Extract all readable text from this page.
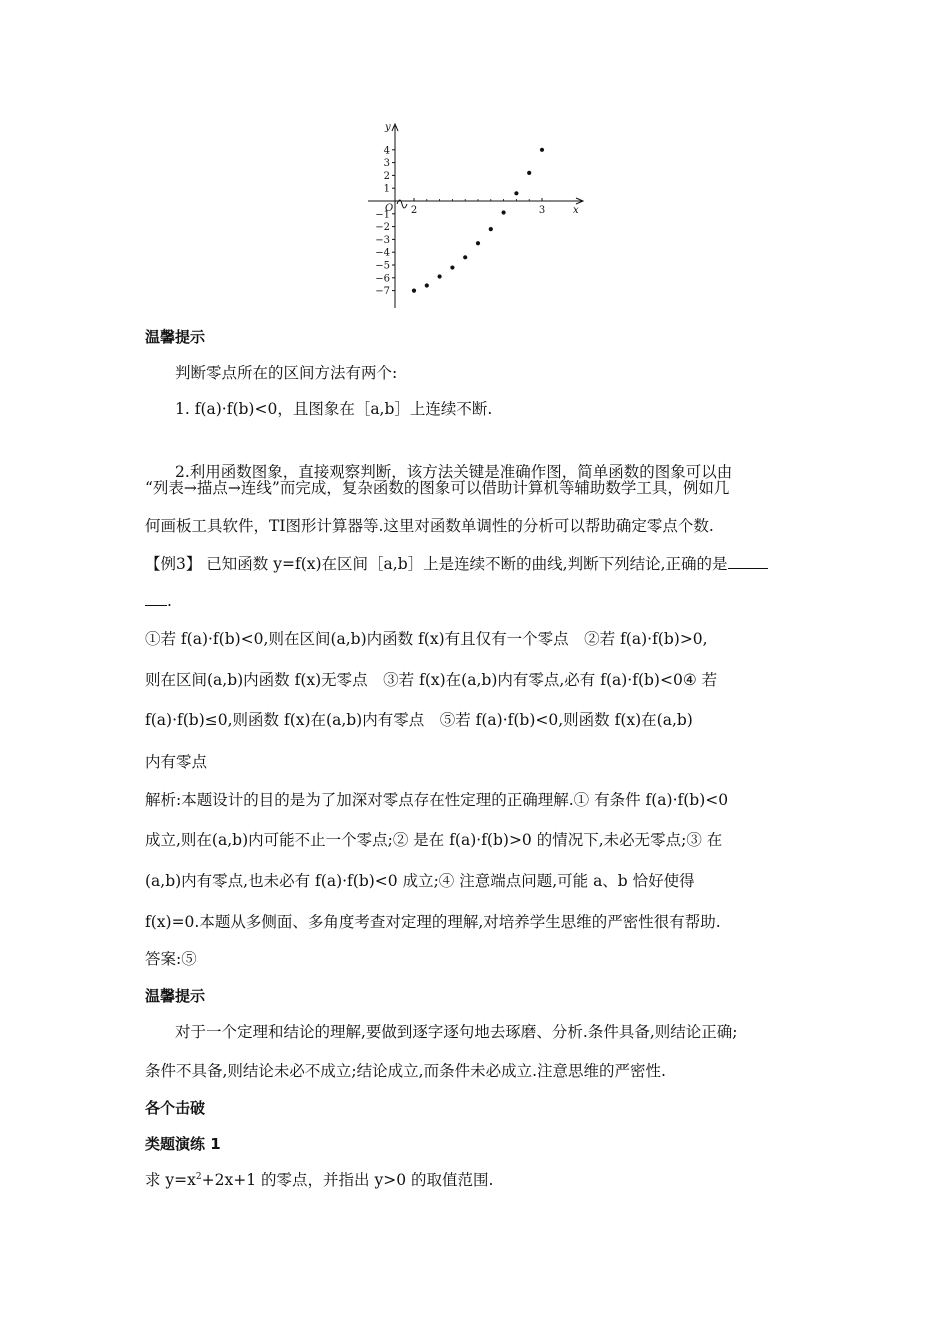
y
x
O
4
3
2
1
−1
−2
−3
−4
−5
−6
−7
2	3
温馨提示
判断零点所在的区间方法有两个:
1. f(a)·f(b)<0，且图象在［a,b］上连续不断.
2.利用函数图象，直接观察判断，该方法关键是准确作图，简单函数的图象可以由
“列表→描点→连线”而完成，复杂函数的图象可以借助计算机等辅助数学工具，例如几
何画板工具软件，TI图形计算器等.这里对函数单调性的分析可以帮助确定零点个数.
【例3】 已知函数 y=f(x)在区间［a,b］上是连续不断的曲线,判断下列结论,正确的是
.
①若 f(a)·f(b)<0,则在区间(a,b)内函数 f(x)有且仅有一个零点　②若 f(a)·f(b)>0,
则在区间(a,b)内函数 f(x)无零点　③若 f(x)在(a,b)内有零点,必有 f(a)·f(b)<0④ 若
f(a)·f(b)≤0,则函数 f(x)在(a,b)内有零点　⑤若 f(a)·f(b)<0,则函数 f(x)在(a,b)
内有零点
解析:本题设计的目的是为了加深对零点存在性定理的正确理解.① 有条件 f(a)·f(b)<0
成立,则在(a,b)内可能不止一个零点;② 是在 f(a)·f(b)>0 的情况下,未必无零点;③ 在
(a,b)内有零点,也未必有 f(a)·f(b)<0 成立;④ 注意端点问题,可能 a、b 恰好使得
f(x)=0.本题从多侧面、多角度考查对定理的理解,对培养学生思维的严密性很有帮助.
答案:⑤
温馨提示
对于一个定理和结论的理解,要做到逐字逐句地去琢磨、分析.条件具备,则结论正确;
条件不具备,则结论未必不成立;结论成立,而条件未必成立.注意思维的严密性.
各个击破
类题演练 1
求 $y=x^2+2x+1$ 的零点，并指出 y>0 的取值范围.
